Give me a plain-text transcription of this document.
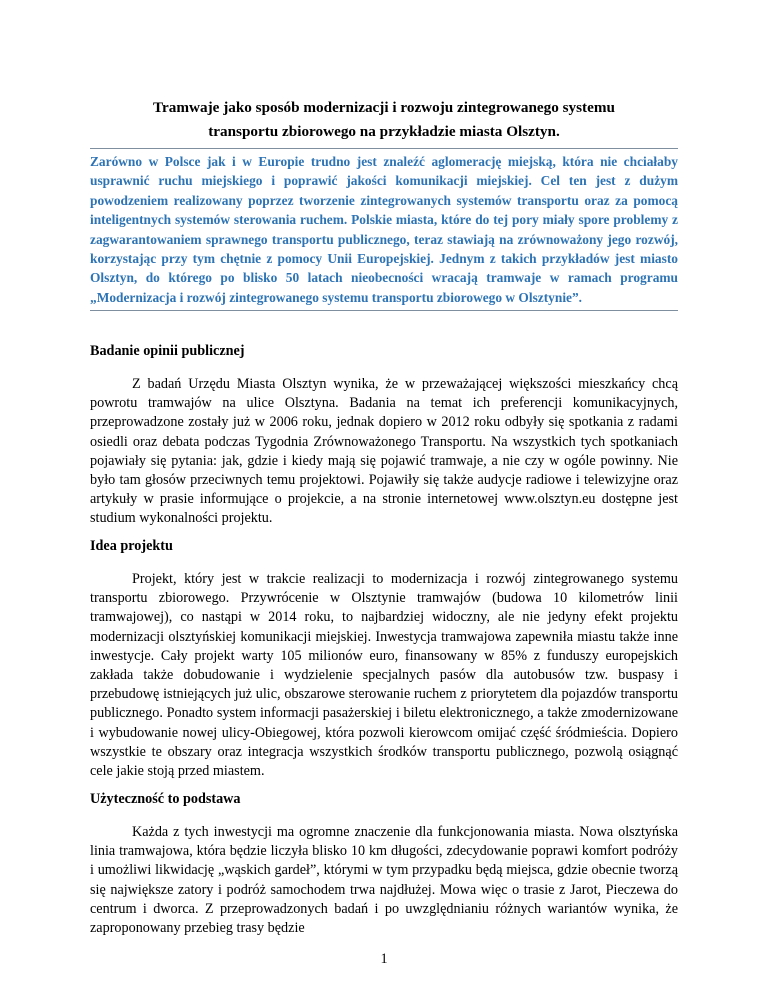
Tramwaje jako sposób modernizacji i rozwoju zintegrowanego systemu
transportu zbiorowego na przykładzie miasta Olsztyn.
Zarówno w Polsce jak i w Europie trudno jest znaleźć aglomerację miejską, która nie chciałaby usprawnić ruchu miejskiego i poprawić jakości komunikacji miejskiej. Cel ten jest z dużym powodzeniem realizowany poprzez tworzenie zintegrowanych systemów transportu oraz za pomocą inteligentnych systemów sterowania ruchem. Polskie miasta, które do tej pory miały spore problemy z zagwarantowaniem sprawnego transportu publicznego, teraz stawiają na zrównoważony jego rozwój, korzystając przy tym chętnie z pomocy Unii Europejskiej. Jednym z takich przykładów jest miasto Olsztyn, do którego po blisko 50 latach nieobecności wracają tramwaje w ramach programu „Modernizacja i rozwój zintegrowanego systemu transportu zbiorowego w Olsztynie”.
Badanie opinii publicznej

Z badań Urzędu Miasta Olsztyn wynika, że w przeważającej większości mieszkańcy chcą powrotu tramwajów na ulice Olsztyna. Badania na temat ich preferencji komunikacyjnych, przeprowadzone zostały już w 2006 roku, jednak dopiero w 2012 roku odbyły się spotkania z radami osiedli oraz debata podczas Tygodnia Zrównoważonego Transportu. Na wszystkich tych spotkaniach pojawiały się pytania: jak, gdzie i kiedy mają się pojawić tramwaje, a nie czy w ogóle powinny. Nie było tam głosów przeciwnych temu projektowi. Pojawiły się także audycje radiowe i telewizyjne oraz artykuły w prasie informujące o projekcie, a na stronie internetowej www.olsztyn.eu dostępne jest studium wykonalności projektu.

Idea projektu

Projekt, który jest w trakcie realizacji to modernizacja i rozwój zintegrowanego systemu transportu zbiorowego. Przywrócenie w Olsztynie tramwajów (budowa 10 kilometrów linii tramwajowej), co nastąpi w 2014 roku, to najbardziej widoczny, ale nie jedyny efekt projektu modernizacji olsztyńskiej komunikacji miejskiej. Inwestycja tramwajowa zapewniła miastu także inne inwestycje. Cały projekt warty 105 milionów euro, finansowany w 85% z funduszy europejskich zakłada także dobudowanie i wydzielenie specjalnych pasów dla autobusów tzw. buspasy i przebudowę istniejących już ulic, obszarowe sterowanie ruchem z priorytetem dla pojazdów transportu publicznego. Ponadto system informacji pasażerskiej i biletu elektronicznego, a także zmodernizowane i wybudowanie nowej ulicy-Obiegowej, która pozwoli kierowcom omijać część śródmieścia. Dopiero wszystkie te obszary oraz integracja wszystkich środków transportu publicznego, pozwolą osiągnąć cele jakie stoją przed miastem.

Użyteczność to podstawa

Każda z tych inwestycji ma ogromne znaczenie dla funkcjonowania miasta. Nowa olsztyńska linia tramwajowa, która będzie liczyła blisko 10 km długości, zdecydowanie poprawi komfort podróży i umożliwi likwidację „wąskich gardeł”, którymi w tym przypadku będą miejsca, gdzie obecnie tworzą się największe zatory i podróż samochodem trwa najdłużej. Mowa więc o trasie z Jarot, Pieczewa do centrum i dworca. Z przeprowadzonych badań i po uwzględnianiu różnych wariantów wynika, że zaproponowany przebieg trasy będzie

1
